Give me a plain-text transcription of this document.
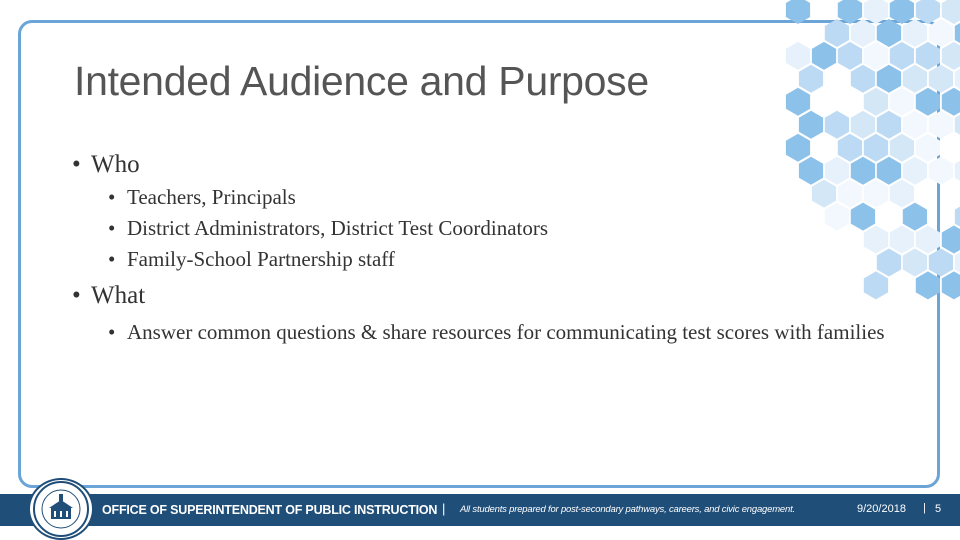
Intended Audience and Purpose
• Who
• Teachers, Principals
• District Administrators, District Test Coordinators
• Family-School Partnership staff
• What
• Answer common questions & share resources for communicating test scores with families
OFFICE OF SUPERINTENDENT OF PUBLIC INSTRUCTION | All students prepared for post-secondary pathways, careers, and civic engagement.	9/20/2018 | 5
